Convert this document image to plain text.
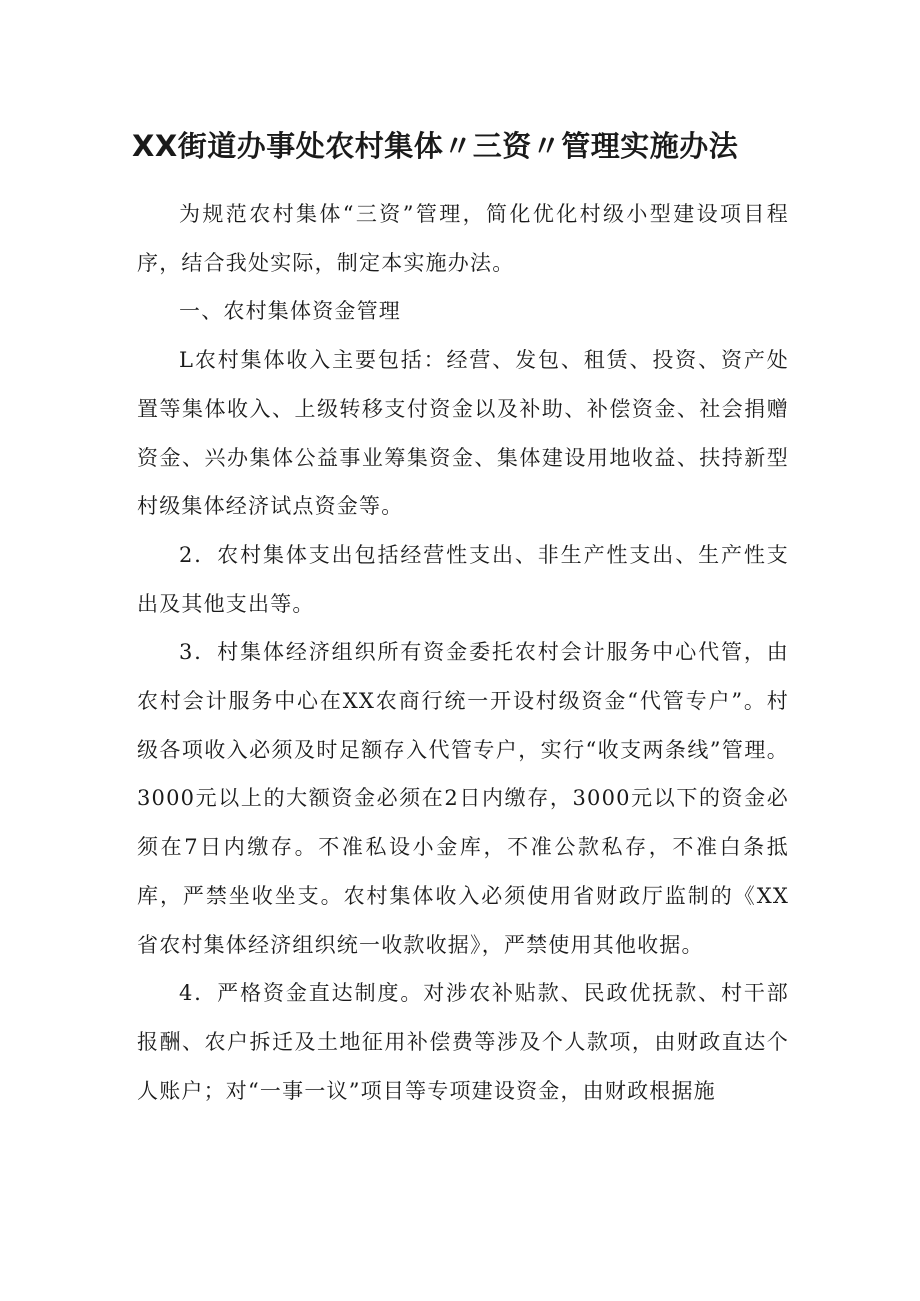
XX街道办事处农村集体〃三资〃管理实施办法

为规范农村集体“三资”管理，简化优化村级小型建设项目程序，结合我处实际，制定本实施办法。

一、农村集体资金管理

L农村集体收入主要包括：经营、发包、租赁、投资、资产处置等集体收入、上级转移支付资金以及补助、补偿资金、社会捐赠资金、兴办集体公益事业筹集资金、集体建设用地收益、扶持新型村级集体经济试点资金等。

2．农村集体支出包括经营性支出、非生产性支出、生产性支出及其他支出等。

3．村集体经济组织所有资金委托农村会计服务中心代管，由农村会计服务中心在XX农商行统一开设村级资金“代管专户”。村级各项收入必须及时足额存入代管专户，实行“收支两条线”管理。3000元以上的大额资金必须在2日内缴存，3000元以下的资金必须在7日内缴存。不准私设小金库，不准公款私存，不准白条抵库，严禁坐收坐支。农村集体收入必须使用省财政厅监制的《XX省农村集体经济组织统一收款收据》，严禁使用其他收据。

4．严格资金直达制度。对涉农补贴款、民政优抚款、村干部报酬、农户拆迁及土地征用补偿费等涉及个人款项，由财政直达个人账户；对“一事一议”项目等专项建设资金，由财政根据施
